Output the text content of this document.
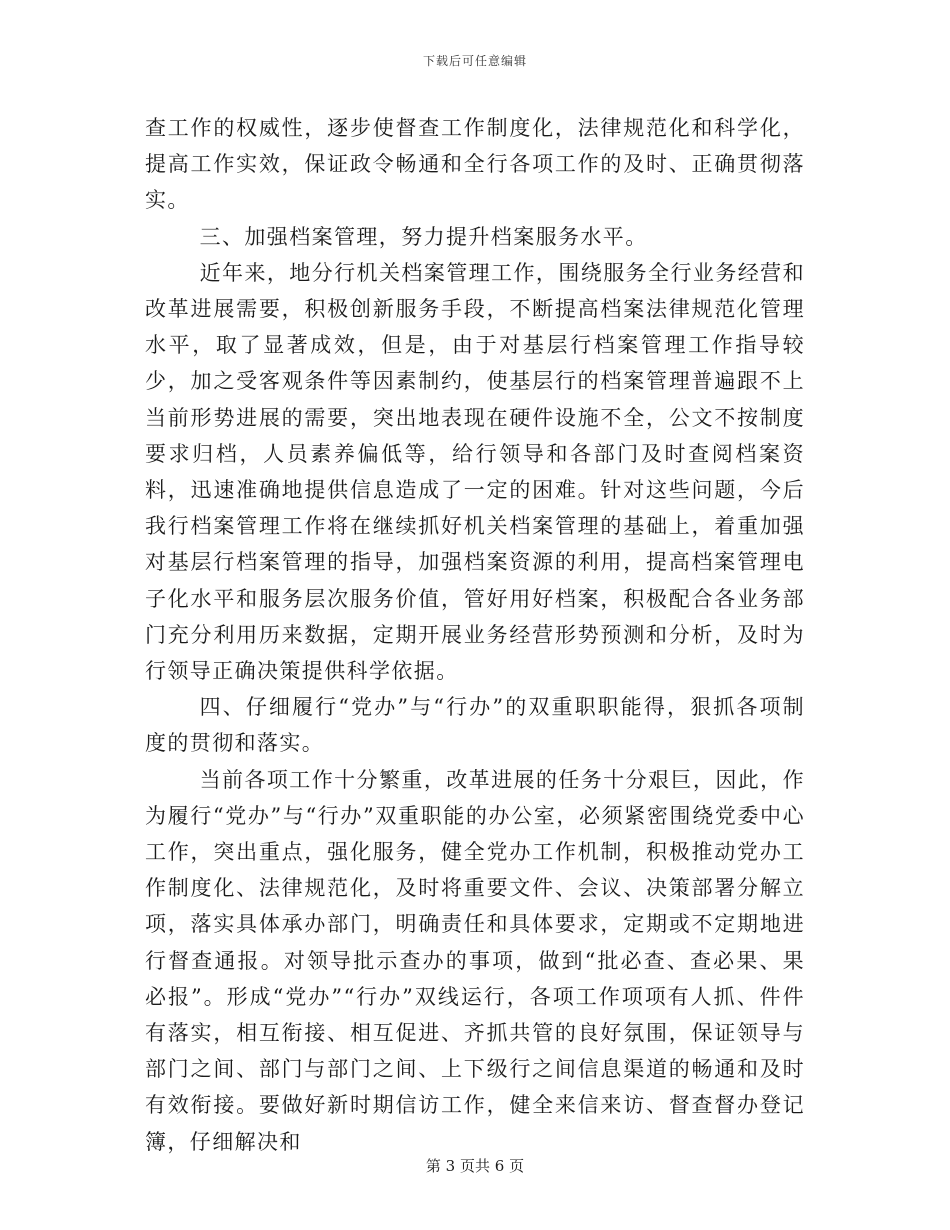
下载后可任意编辑

查工作的权威性，逐步使督查工作制度化，法律规范化和科学化，提高工作实效，保证政令畅通和全行各项工作的及时、正确贯彻落实。

三、加强档案管理，努力提升档案服务水平。

近年来，地分行机关档案管理工作，围绕服务全行业务经营和改革进展需要，积极创新服务手段，不断提高档案法律规范化管理水平，取了显著成效，但是，由于对基层行档案管理工作指导较少，加之受客观条件等因素制约，使基层行的档案管理普遍跟不上当前形势进展的需要，突出地表现在硬件设施不全，公文不按制度要求归档，人员素养偏低等，给行领导和各部门及时查阅档案资料，迅速准确地提供信息造成了一定的困难。针对这些问题，今后我行档案管理工作将在继续抓好机关档案管理的基础上，着重加强对基层行档案管理的指导，加强档案资源的利用，提高档案管理电子化水平和服务层次服务价值，管好用好档案，积极配合各业务部门充分利用历来数据，定期开展业务经营形势预测和分析，及时为行领导正确决策提供科学依据。

四、仔细履行“党办”与“行办”的双重职职能得，狠抓各项制度的贯彻和落实。

当前各项工作十分繁重，改革进展的任务十分艰巨，因此，作为履行“党办”与“行办”双重职能的办公室，必须紧密围绕党委中心工作，突出重点，强化服务，健全党办工作机制，积极推动党办工作制度化、法律规范化，及时将重要文件、会议、决策部署分解立项，落实具体承办部门，明确责任和具体要求，定期或不定期地进行督查通报。对领导批示查办的事项，做到“批必查、查必果、果必报”。形成“党办”“行办”双线运行，各项工作项项有人抓、件件有落实，相互衔接、相互促进、齐抓共管的良好氛围，保证领导与部门之间、部门与部门之间、上下级行之间信息渠道的畅通和及时有效衔接。要做好新时期信访工作，健全来信来访、督查督办登记簿，仔细解决和

第 3 页共 6 页
